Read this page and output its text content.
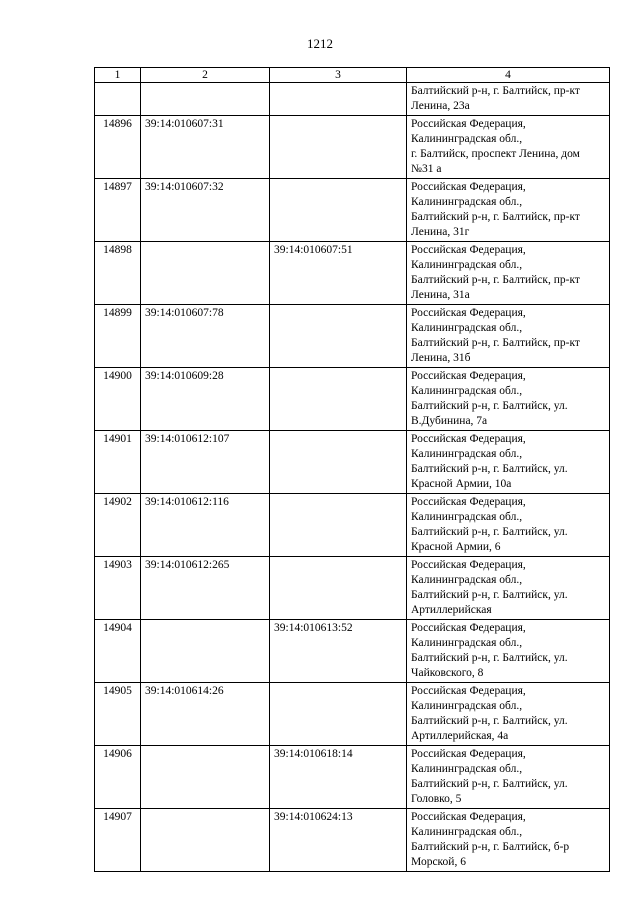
1212
1	2	3	4
			Балтийский р-н, г. Балтийск, пр-кт
Ленина, 23а
14896	39:14:010607:31		Российская Федерация,
Калининградская обл.,
г. Балтийск, проспект Ленина, дом
№31 а
14897	39:14:010607:32		Российская Федерация,
Калининградская обл.,
Балтийский р-н, г. Балтийск, пр-кт
Ленина, 31г
14898		39:14:010607:51	Российская Федерация,
Калининградская обл.,
Балтийский р-н, г. Балтийск, пр-кт
Ленина, 31а
14899	39:14:010607:78		Российская Федерация,
Калининградская обл.,
Балтийский р-н, г. Балтийск, пр-кт
Ленина, 31б
14900	39:14:010609:28		Российская Федерация,
Калининградская обл.,
Балтийский р-н, г. Балтийск, ул.
В.Дубинина, 7а
14901	39:14:010612:107		Российская Федерация,
Калининградская обл.,
Балтийский р-н, г. Балтийск, ул.
Красной Армии, 10а
14902	39:14:010612:116		Российская Федерация,
Калининградская обл.,
Балтийский р-н, г. Балтийск, ул.
Красной Армии, 6
14903	39:14:010612:265		Российская Федерация,
Калининградская обл.,
Балтийский р-н, г. Балтийск, ул.
Артиллерийская
14904		39:14:010613:52	Российская Федерация,
Калининградская обл.,
Балтийский р-н, г. Балтийск, ул.
Чайковского, 8
14905	39:14:010614:26		Российская Федерация,
Калининградская обл.,
Балтийский р-н, г. Балтийск, ул.
Артиллерийская, 4а
14906		39:14:010618:14	Российская Федерация,
Калининградская обл.,
Балтийский р-н, г. Балтийск, ул.
Головко, 5
14907		39:14:010624:13	Российская Федерация,
Калининградская обл.,
Балтийский р-н, г. Балтийск, б-р
Морской, 6
